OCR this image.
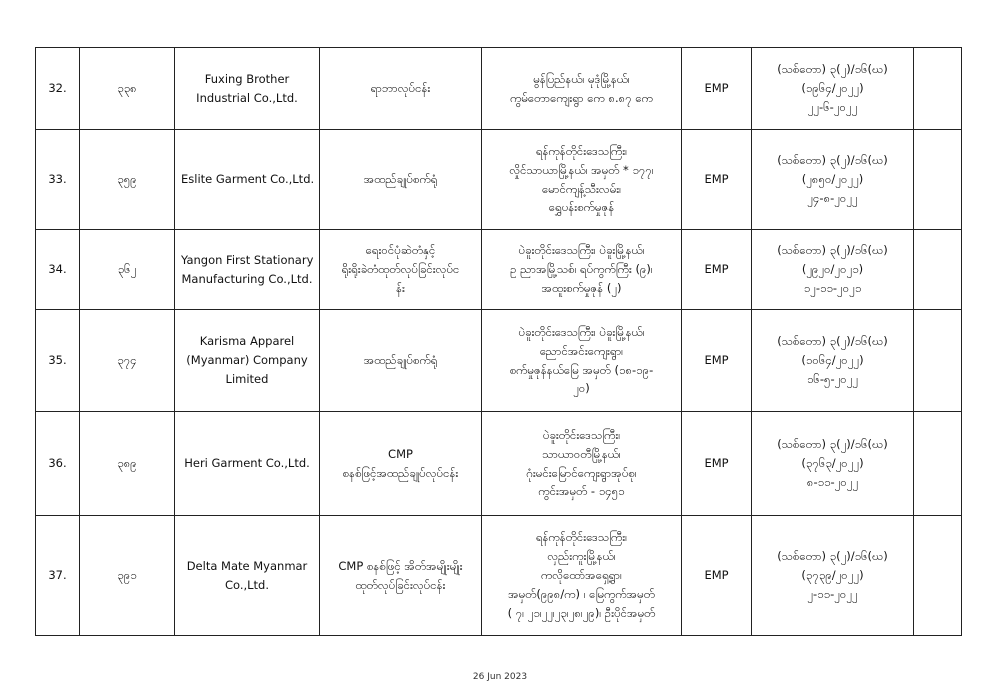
32.	၃၃၈	Fuxing Brother
Industrial Co.,Ltd.	ရာဘာလုပ်ငန်း	မွန်ပြည်နယ်၊ မုဒုံမြို့နယ်၊
ကွမ်တောကျေးရွာ ကေ ၈.၈၇ ကေ	EMP	(သစ်တော) ၃(၂)/၁၆(ဃ)
(၁၉၆၄/၂၀၂၂)
၂၂-၆-၂၀၂၂	

33.	၃၅၉	Eslite Garment Co.,Ltd.	အထည်ချုပ်စက်ရုံ	ရန်ကုန်တိုင်းဒေသကြီး၊
လှိုင်သာယာမြို့နယ်၊ အမှတ် * ၁၇၇၊
မောင်ကျန့်သီးလမ်း၊
ရွှေပန်းစက်မှုဇုန်	EMP	(သစ်တော) ၃(၂)/၁၆(ဃ)
(၂၈၅၀/၂၀၂၂)
၂၄-၈-၂၀၂၂	

34.	၃၆၂	Yangon First Stationary
Manufacturing Co.,Ltd.	ရေးဝင်ပုံဆဲတံနှင့်
ရိုးရိုးခဲတံထုတ်လုပ်ခြင်းလုပ်င
န်း	ပဲခူးတိုင်းဒေသကြီး၊ ပဲခူးမြို့နယ်၊
ဥ ညာအမြို့သစ်၊ ရပ်ကွက်ကြီး (၉)၊
အထူးစက်မှုဇုန် (၂)	EMP	(သစ်တော) ၃(၂)/၁၆(ဃ)
(၂၉၂၀/၂၀၂၁)
၁၂-၁၁-၂၀၂၁	

35.	၃၇၄	Karisma Apparel
(Myanmar) Company
Limited	အထည်ချုပ်စက်ရုံ	ပဲခူးတိုင်းဒေသကြီး၊ ပဲခူးမြို့နယ်၊
ညောင်အင်းကျေးရွာ၊
စက်မှုဇုန်နယ်မြေ အမှတ် (၁၈-၁၉-
၂၀)	EMP	(သစ်တော) ၃(၂)/၁၆(ဃ)
(၁၀၆၄/၂၀၂၂)
၁၆-၅-၂၀၂၂	

36.	၃၈၉	Heri Garment Co.,Ltd.	CMP
စနစ်ဖြင့်အထည်ချုပ်လုပ်ငန်း	ပဲခူးတိုင်းဒေသကြီး၊
သာယာဝတီမြို့နယ်၊
ဂုံးမင်းမြောင်ကျေးရွာအုပ်စု၊
ကွင်းအမှတ် - ၁၄၅၁	EMP	(သစ်တော) ၃(၂)/၁၆(ဃ)
(၃၇၆၃/၂၀၂၂)
၈-၁၁-၂၀၂၂	

37.	၃၉၁	Delta Mate Myanmar
Co.,Ltd.	CMP စနစ်ဖြင့် အိတ်အမျိုးမျိုး
ထုတ်လုပ်ခြင်းလုပ်ငန်း	ရန်ကုန်တိုင်းဒေသကြီး၊
လှည်းကူးမြို့နယ်၊
ကလိုထော်အရှေ့ရွာ၊
အမှတ်(၉၉၈/က) ၊ မြေကွက်အမှတ်
( ၇၊ ၂၁၊၂၂၊၂၃၊၂၈၊၂၉)၊ ဦးပိုင်အမှတ်	EMP	(သစ်တော) ၃(၂)/၁၆(ဃ)
(၃၇၃၉/၂၀၂၂)
၂-၁၁-၂၀၂၂	

26 Jun 2023
